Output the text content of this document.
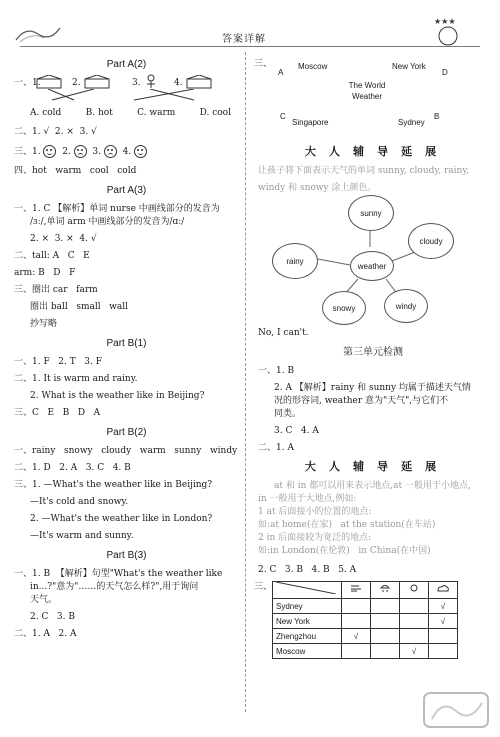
答案详解
★★★
Part A(2)
一、1.	2.	3.	4.
A. cold	B. hot	C. warm	D. cool

二、1. √  2. ×  3. √

三、1. 2. 3. 4.

四、hot   warm   cool   cold

Part A(3)

一、1. C 【解析】单词 nurse 中画线部分的发音为

/ɜː/,单词 arm 中画线部分的发音为/ɑː/

2. ×  3. ×  4. √

二、tall: A   C   E

arm: B   D   F

三、圈出 car   farm

圈出 ball   small   wall

抄写略

Part B(1)

一、1. F   2. T   3. F

二、1. It is warm and rainy.

2. What is the weather like in Beijing?

三、C   E   B   D   A

Part B(2)

一、rainy   snowy   cloudy   warm   sunny   windy

二、1. D   2. A   3. C   4. B

三、1. —What's the weather like in Beijing?

—It's cold and snowy.

2. —What's the weather like in London?

—It's warm and sunny.

Part B(3)

一、1. B  【解析】句型"What's the weather like

in...?"意为"……的天气怎么样?",用于询问

天气。

2. C   3. B

二、1. A   2. A

三、
A
Moscow	New York
D
The World Weather
C
Singapore	Sydney
B
大 人 辅 导 延 展

让孩子将下面表示天气的单词 sunny, cloudy, rainy,

windy 和 snowy 涂上颜色。

sunny
rainy
weather
cloudy
snowy	windy

No, I can't.

第三单元检测

一、1. B

2. A 【解析】rainy 和 sunny 均属于描述天气情

况的形容词, weather 意为"天气",与它们不

同类。

3. C   4. A

二、1. A

大 人 辅 导 延 展

at 和 in 都可以用来表示地点,at 一般用于小地点,

in 一般用于大地点,例如:

1 at 后面接小的位置的地点:

如:at home(在家)   at the station(在车站)

2 in 后面接较为宽泛的地点:

如:in London(在伦敦)   in China(在中国)

2. C   3. B   4. B   5. A

三、

Sydney				√
New York				√
Zhengzhou	√			
Moscow			√	
